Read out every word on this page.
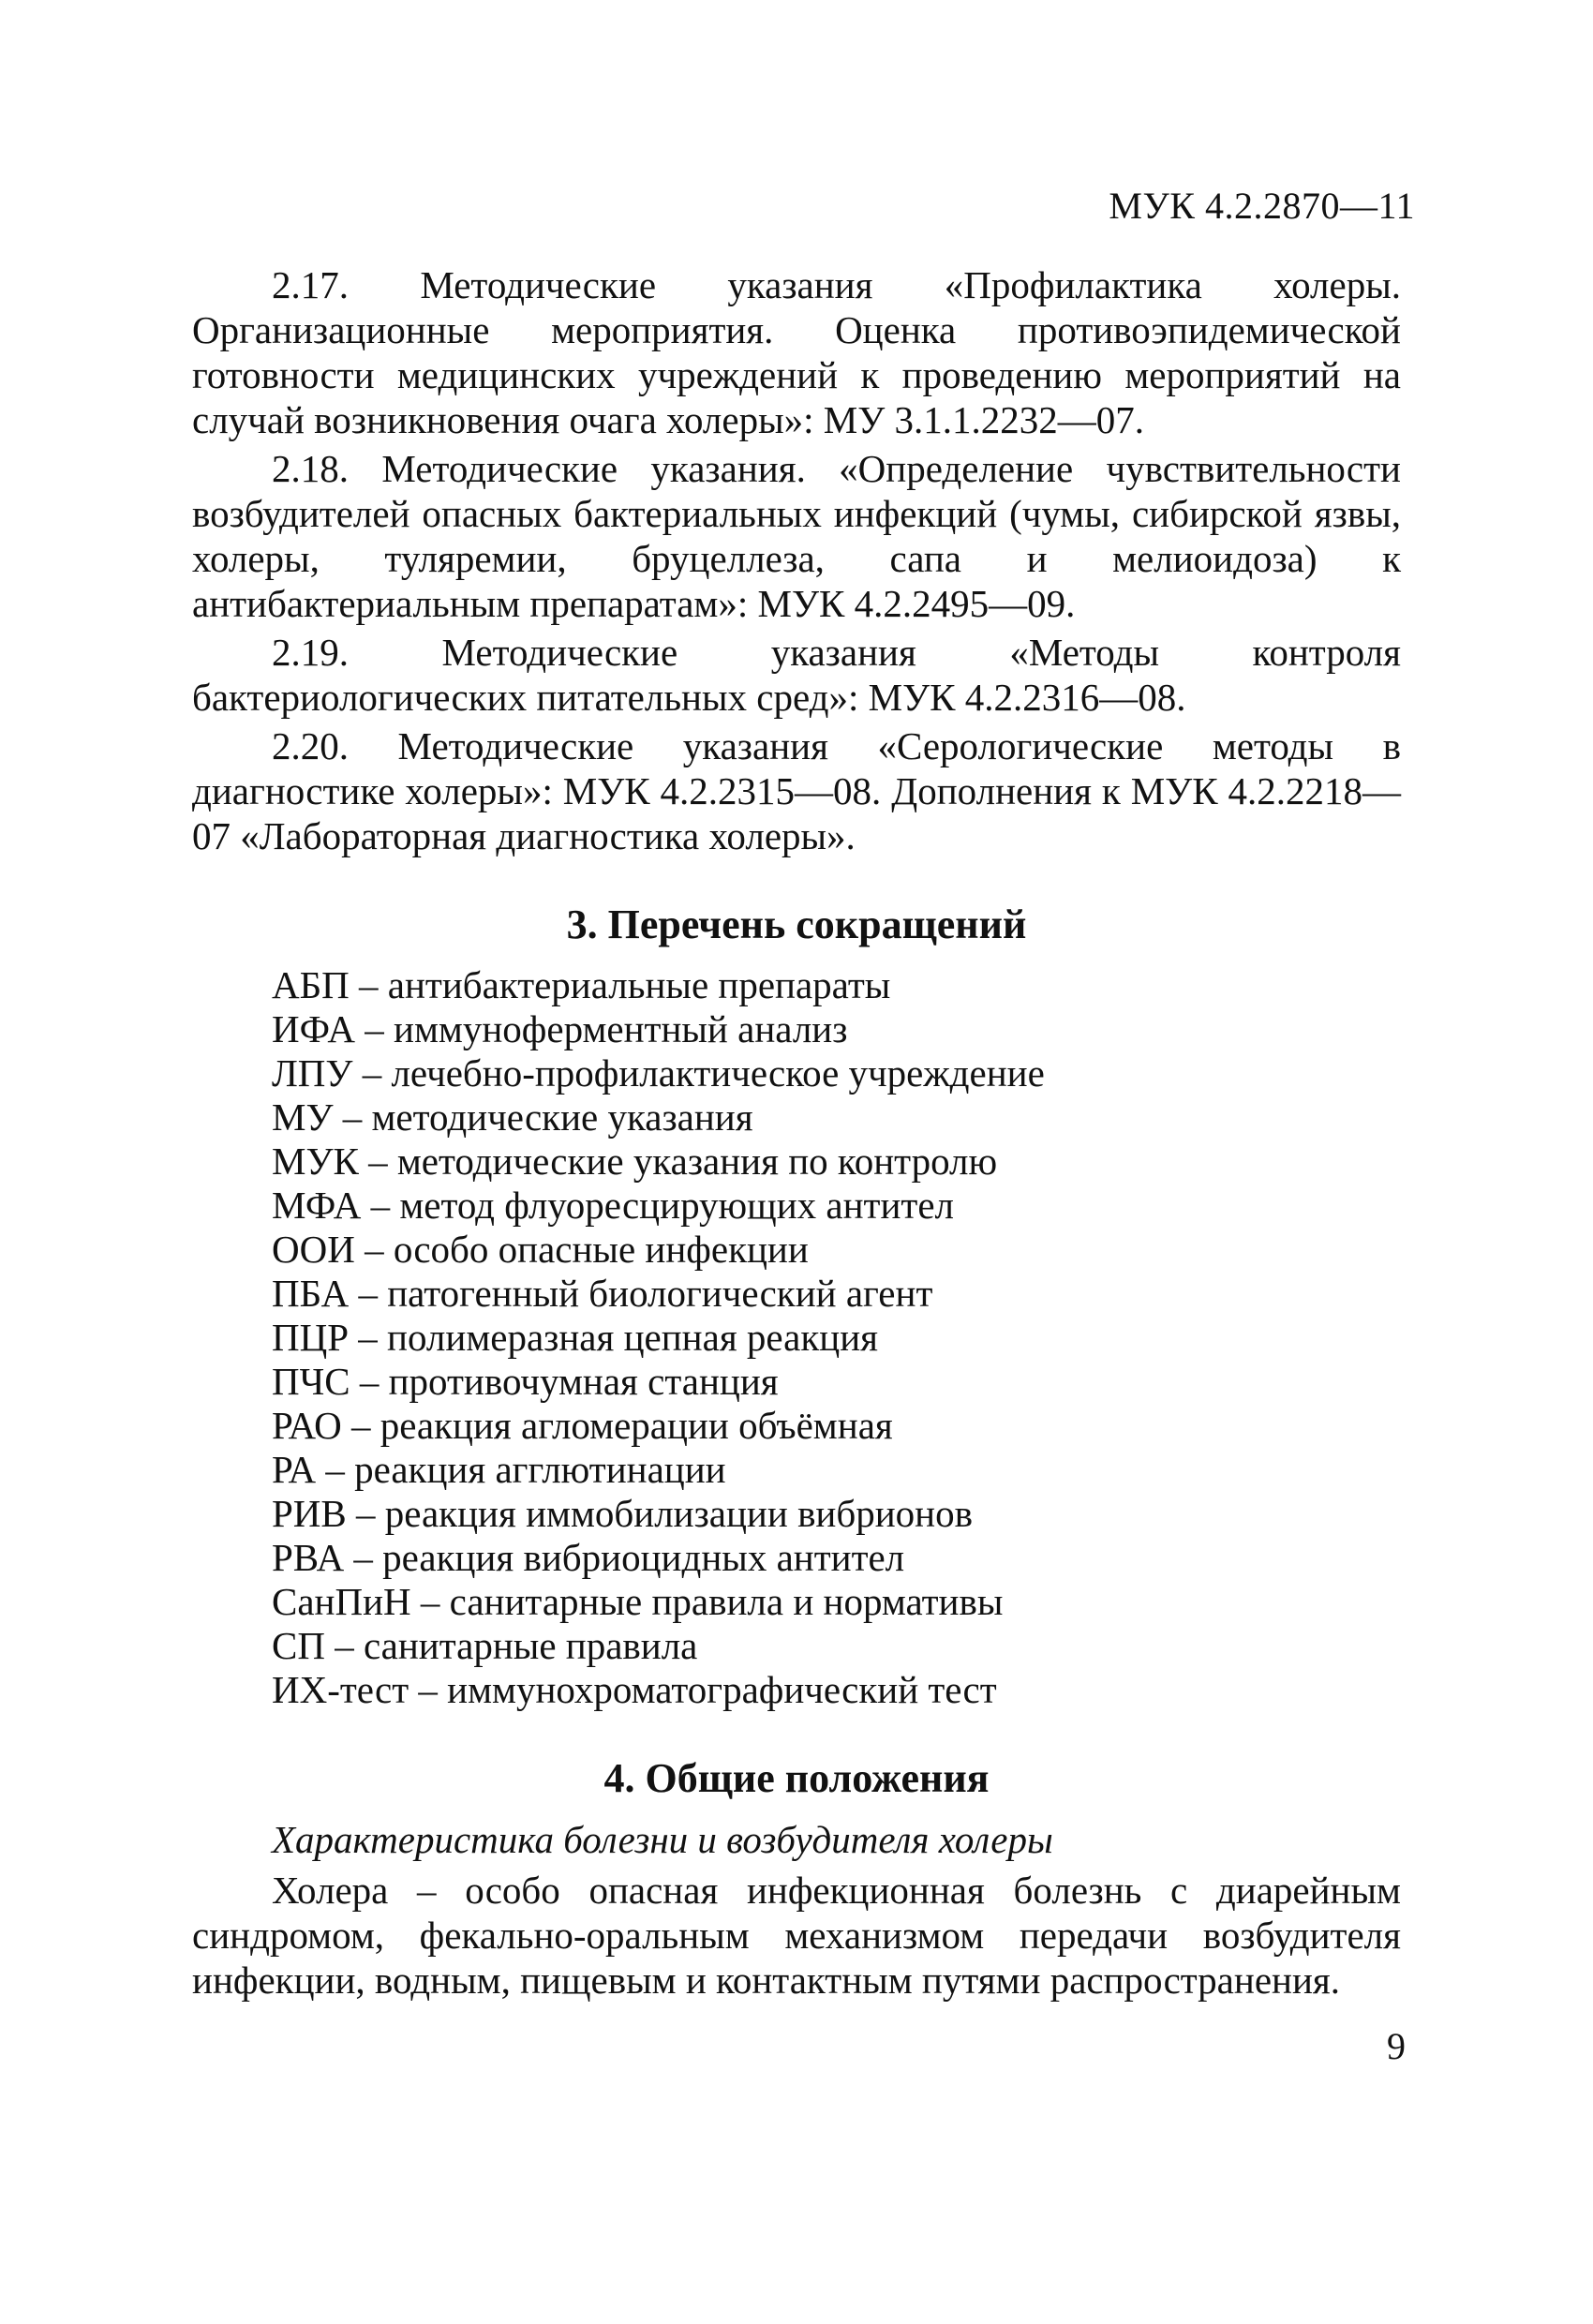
МУК 4.2.2870—11

2.17. Методические указания «Профилактика холеры. Организационные мероприятия. Оценка противоэпидемической готовности медицинских учреждений к проведению мероприятий на случай возникновения очага холеры»: МУ 3.1.1.2232—07.

2.18. Методические указания. «Определение чувствительности возбудителей опасных бактериальных инфекций (чумы, сибирской язвы, холеры, туляремии, бруцеллеза, сапа и мелиоидоза) к антибактериальным препаратам»: МУК 4.2.2495—09.

2.19. Методические указания «Методы контроля бактериологических питательных сред»: МУК 4.2.2316—08.

2.20. Методические указания «Серологические методы в диагностике холеры»: МУК 4.2.2315—08. Дополнения к МУК 4.2.2218—07 «Лабораторная диагностика холеры».

3. Перечень сокращений
АБП – антибактериальные препараты
ИФА – иммуноферментный анализ
ЛПУ – лечебно-профилактическое учреждение
МУ – методические указания
МУК – методические указания по контролю
МФА – метод флуоресцирующих антител
ООИ – особо опасные инфекции
ПБА – патогенный биологический агент
ПЦР – полимеразная цепная реакция
ПЧС – противочумная станция
РАО – реакция агломерации объёмная
РА – реакция агглютинации
РИВ – реакция иммобилизации вибрионов
РВА – реакция вибриоцидных антител
СанПиН – санитарные правила и нормативы
СП – санитарные правила
ИХ-тест – иммунохроматографический тест
4. Общие положения
Характеристика болезни и возбудителя холеры

Холера – особо опасная инфекционная болезнь с диарейным синдромом, фекально-оральным механизмом передачи возбудителя инфекции, водным, пищевым и контактным путями распространения.

9
